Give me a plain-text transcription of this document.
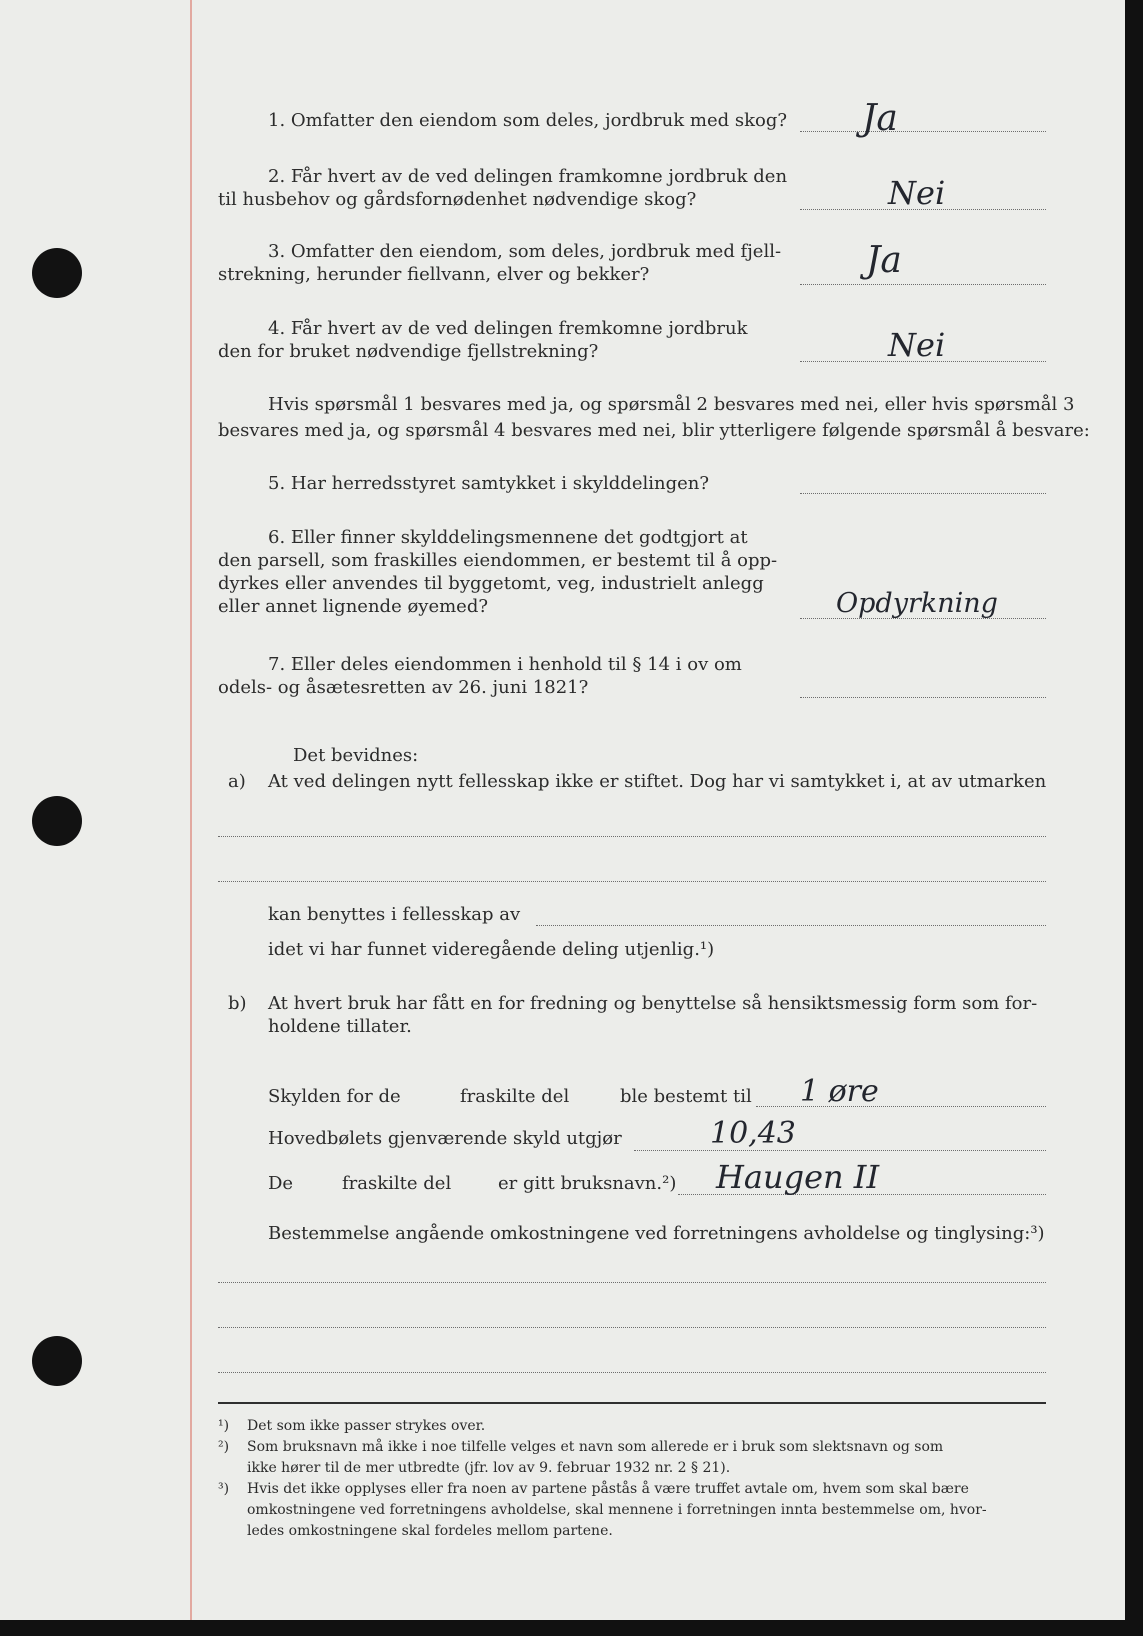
1. Omfatter den eiendom som deles, jordbruk med skog? Ja
2. Får hvert av de ved delingen framkomne jordbruk den
til husbehov og gårdsfornødenhet nødvendige skog?	Nei
3. Omfatter den eiendom, som deles, jordbruk med fjell-
strekning, herunder fiellvann, elver og bekker?	Ja
4. Får hvert av de ved delingen fremkomne jordbruk
den for bruket nødvendige fjellstrekning?	Nei
Hvis spørsmål 1 besvares med ja, og spørsmål 2 besvares med nei, eller hvis spørsmål 3
besvares med ja, og spørsmål 4 besvares med nei, blir ytterligere følgende spørsmål å besvare:
5. Har herredsstyret samtykket i skylddelingen?
6. Eller finner skylddelingsmennene det godtgjort at
den parsell, som fraskilles eiendommen, er bestemt til å opp-
dyrkes eller anvendes til byggetomt, veg, industrielt anlegg
eller annet lignende øyemed?	Opdyrkning
7. Eller deles eiendommen i henhold til § 14 i ov om
odels- og åsætesretten av 26. juni 1821?
Det bevidnes:
a) At ved delingen nytt fellesskap ikke er stiftet. Dog har vi samtykket i, at av utmarken
kan benyttes i fellesskap av
idet vi har funnet videregående deling utjenlig.¹)
b) At hvert bruk har fått en for fredning og benyttelse så hensiktsmessig form som for-
holdene tillater.
Skylden for de	fraskilte del	ble bestemt til 1 øre
Hovedbølets gjenværende skyld utgjør	10,43
De	fraskilte del	er gitt bruksnavn.²) Haugen II
Bestemmelse angående omkostningene ved forretningens avholdelse og tinglysing:³)
¹) Det som ikke passer strykes over.
²) Som bruksnavn må ikke i noe tilfelle velges et navn som allerede er i bruk som slektsnavn og som
ikke hører til de mer utbredte (jfr. lov av 9. februar 1932 nr. 2 § 21).
³) Hvis det ikke opplyses eller fra noen av partene påstås å være truffet avtale om, hvem som skal bære
omkostningene ved forretningens avholdelse, skal mennene i forretningen innta bestemmelse om, hvor-
ledes omkostningene skal fordeles mellom partene.
